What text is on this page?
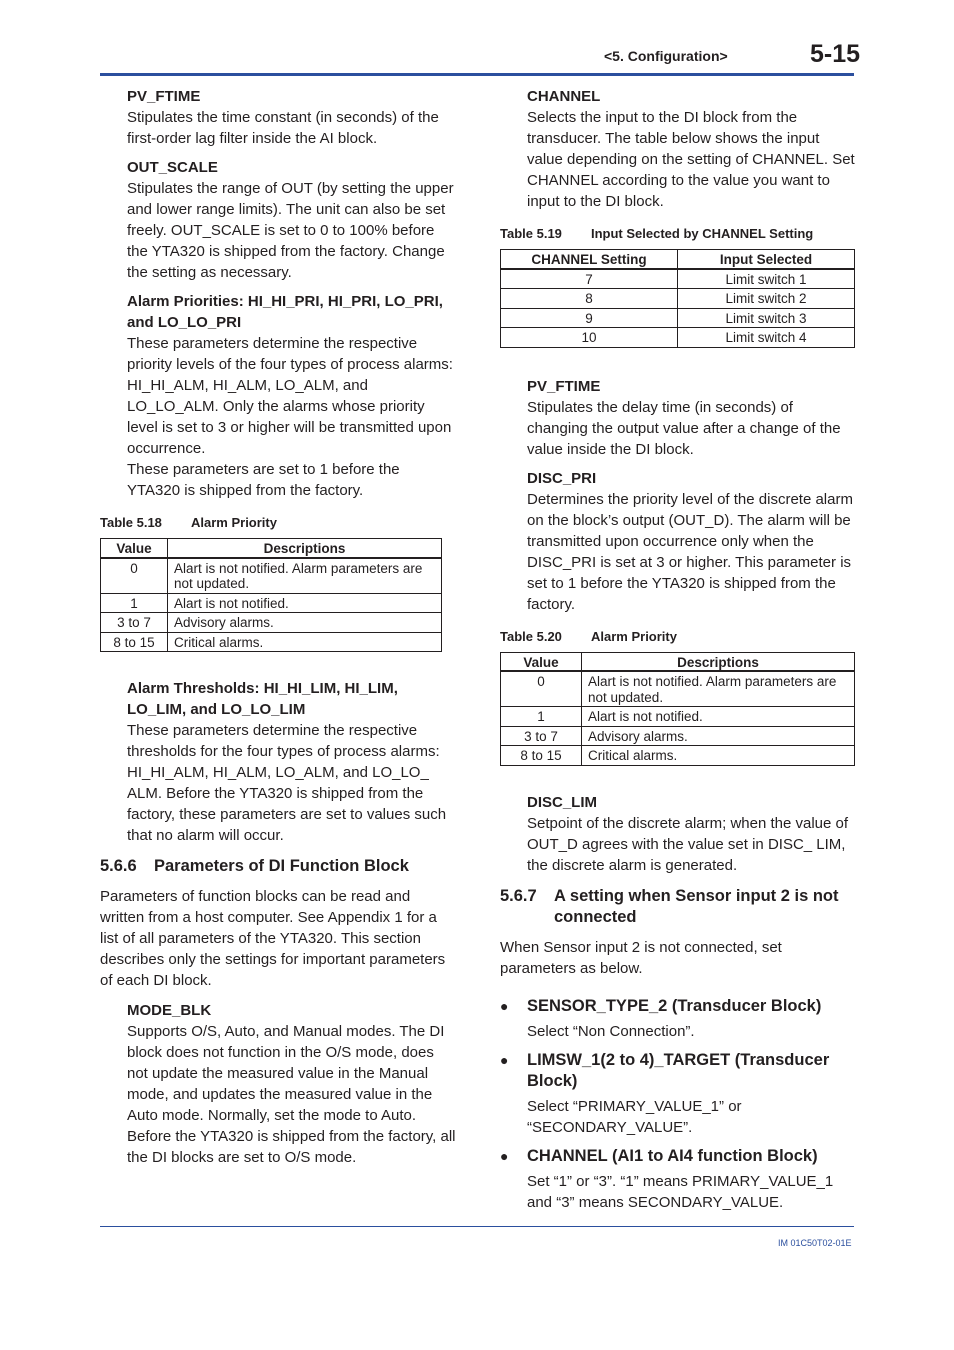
<5. Configuration>	5-15

PV_FTIME

Stipulates the time constant (in seconds) of the first-order lag filter inside the AI block.

OUT_SCALE

Stipulates the range of OUT (by setting the upper and lower range limits). The unit can also be set freely. OUT_SCALE is set to 0 to 100% before the YTA320 is shipped from the factory. Change the setting as necessary.

Alarm Priorities: HI_HI_PRI, HI_PRI, LO_PRI, and LO_LO_PRI

These parameters determine the respective priority levels of the four types of process alarms: HI_HI_ALM, HI_ALM, LO_ALM, and LO_LO_ALM. Only the alarms whose priority level is set to 3 or higher will be transmitted upon occurrence.

These parameters are set to 1 before the YTA320 is shipped from the factory.

Table 5.18 Alarm Priority

Value	Descriptions
0	Alart is not notified. Alarm parameters are not updated.
1	Alart is not notified.
3 to 7	Advisory alarms.
8 to 15	Critical alarms.

Alarm Thresholds: HI_HI_LIM, HI_LIM, LO_LIM, and LO_LO_LIM

These parameters determine the respective thresholds for the four types of process alarms: HI_HI_ALM, HI_ALM, LO_ALM, and LO_LO_ ALM. Before the YTA320 is shipped from the factory, these parameters are set to values such that no alarm will occur.

5.6.6 Parameters of DI Function Block

Parameters of function blocks can be read and written from a host computer. See Appendix 1 for a list of all parameters of the YTA320. This section describes only the settings for important parameters of each DI block.

MODE_BLK

Supports O/S, Auto, and Manual modes. The DI block does not function in the O/S mode, does not update the measured value in the Manual mode, and updates the measured value in the Auto mode. Normally, set the mode to Auto. Before the YTA320 is shipped from the factory, all the DI blocks are set to O/S mode.

CHANNEL

Selects the input to the DI block from the transducer. The table below shows the input value depending on the setting of CHANNEL. Set CHANNEL according to the value you want to input to the DI block.

Table 5.19 Input Selected by CHANNEL Setting

CHANNEL Setting	Input Selected
7	Limit switch 1
8	Limit switch 2
9	Limit switch 3
10	Limit switch 4

PV_FTIME

Stipulates the delay time (in seconds) of changing the output value after a change of the value inside the DI block.

DISC_PRI

Determines the priority level of the discrete alarm on the block’s output (OUT_D). The alarm will be transmitted upon occurrence only when the DISC_PRI is set at 3 or higher. This parameter is set to 1 before the YTA320 is shipped from the factory.

Table 5.20 Alarm Priority

Value	Descriptions
0	Alart is not notified. Alarm parameters are not updated.
1	Alart is not notified.
3 to 7	Advisory alarms.
8 to 15	Critical alarms.

DISC_LIM

Setpoint of the discrete alarm; when the value of OUT_D agrees with the value set in DISC_ LIM, the discrete alarm is generated.

5.6.7	A setting when Sensor input 2 is not connected

When Sensor input 2 is not connected, set parameters as below.

●	SENSOR_TYPE_2 (Transducer Block)

Select “Non Connection”.

●	LIMSW_1(2 to 4)_TARGET (Transducer Block)

Select “PRIMARY_VALUE_1” or “SECONDARY_VALUE”.

●	CHANNEL (AI1 to AI4 function Block)

Set “1” or “3”. “1” means PRIMARY_VALUE_1 and “3” means SECONDARY_VALUE.

IM 01C50T02-01E
